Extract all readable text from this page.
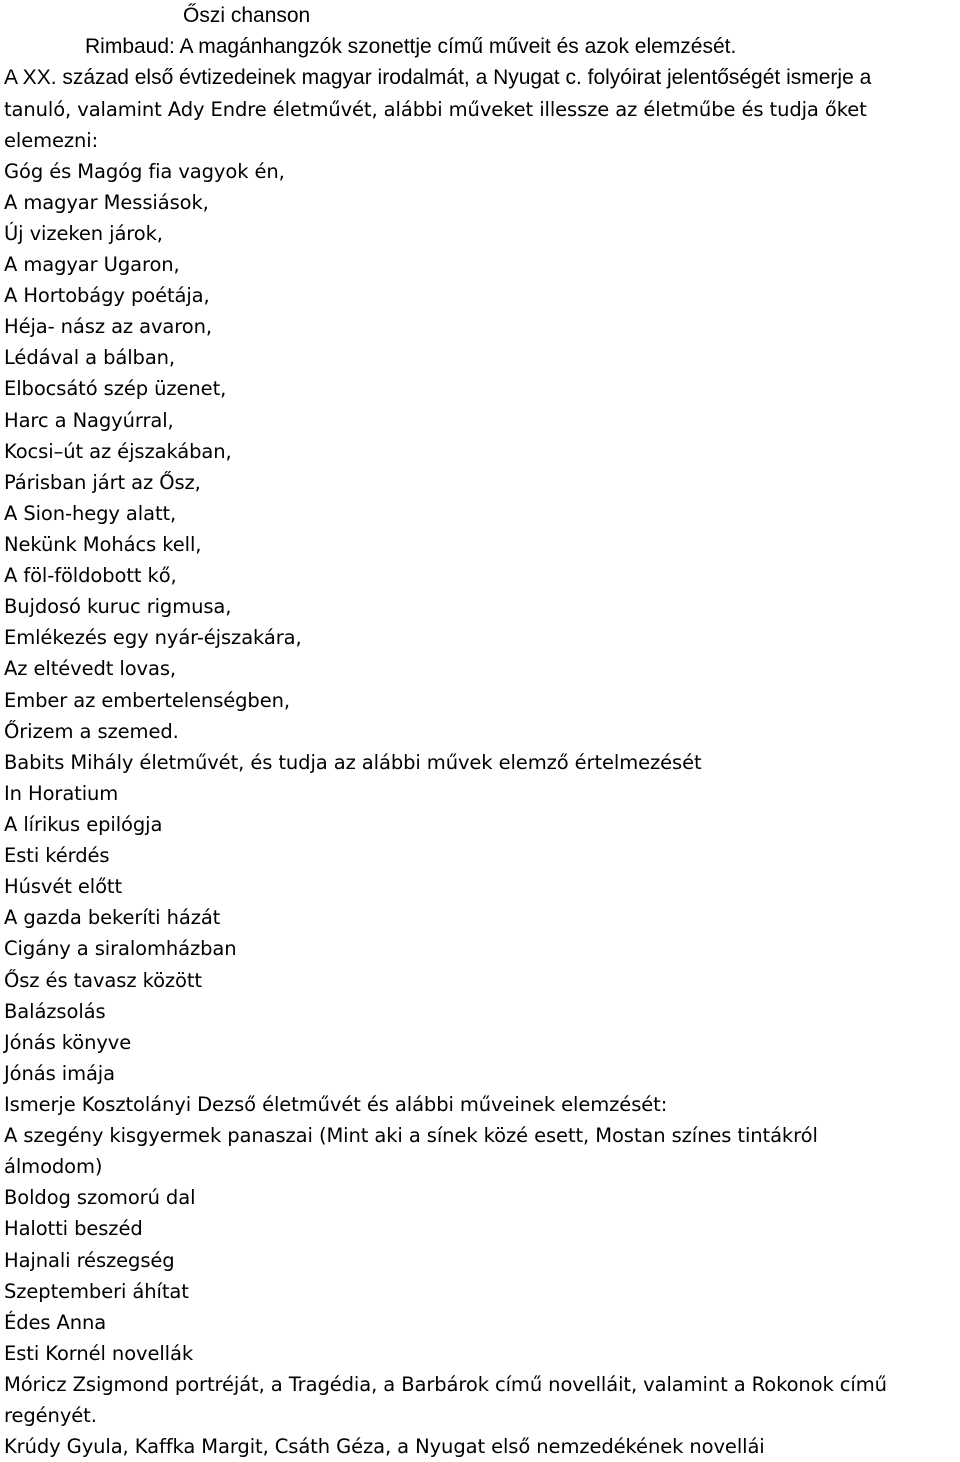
Őszi chanson
Rimbaud: A magánhangzók szonettje című műveit és azok elemzését.
A XX. század első évtizedeinek magyar irodalmát, a Nyugat c. folyóirat jelentőségét ismerje a
tanuló, valamint Ady Endre életművét, alábbi műveket illessze az életműbe és tudja őket
elemezni:
Góg és Magóg fia vagyok én,
A magyar Messiások,
Új vizeken járok,
A magyar Ugaron,
A Hortobágy poétája,
Héja- nász az avaron,
Lédával a bálban,
Elbocsátó szép üzenet,
Harc a Nagyúrral,
Kocsi–út az éjszakában,
Párisban járt az Ősz,
A Sion-hegy alatt,
Nekünk Mohács kell,
A föl-földobott kő,
Bujdosó kuruc rigmusa,
Emlékezés egy nyár-éjszakára,
Az eltévedt lovas,
Ember az embertelenségben,
Őrizem a szemed.
Babits Mihály életművét, és tudja az alábbi művek elemző értelmezését
In Horatium
A lírikus epilógja
Esti kérdés
Húsvét előtt
A gazda bekeríti házát
Cigány a siralomházban
Ősz és tavasz között
Balázsolás
Jónás könyve
Jónás imája
Ismerje Kosztolányi Dezső életművét és alábbi műveinek elemzését:
A szegény kisgyermek panaszai (Mint aki a sínek közé esett, Mostan színes tintákról
álmodom)
Boldog szomorú dal
Halotti beszéd
Hajnali részegség
Szeptemberi áhítat
Édes Anna
Esti Kornél novellák
Móricz Zsigmond portréját, a Tragédia, a Barbárok című novelláit, valamint a Rokonok című
regényét.
Krúdy Gyula, Kaffka Margit, Csáth Géza, a Nyugat első nemzedékének novellái
